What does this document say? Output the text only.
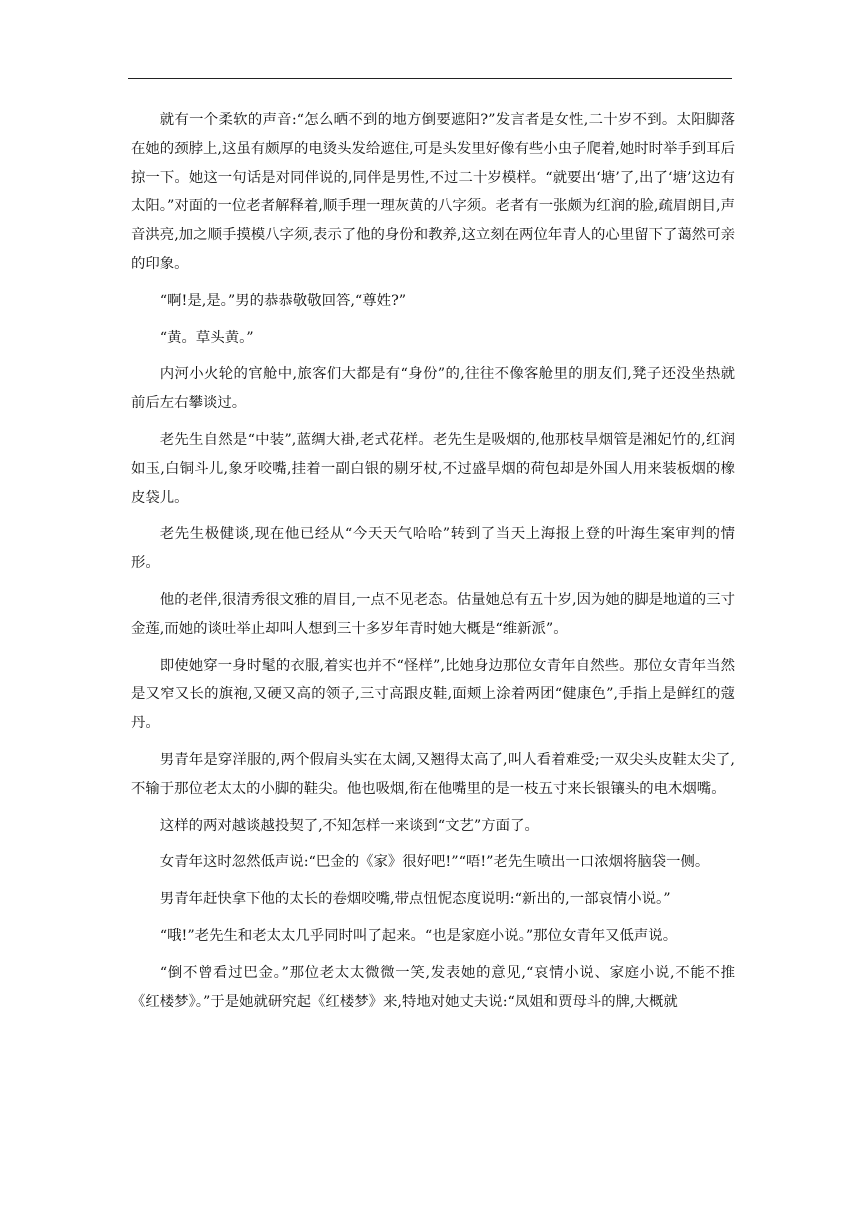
就有一个柔软的声音:“怎么晒不到的地方倒要遮阳?”发言者是女性,二十岁不到。太阳脚落在她的颈脖上,这虽有颇厚的电烫头发给遮住,可是头发里好像有些小虫子爬着,她时时举手到耳后掠一下。她这一句话是对同伴说的,同伴是男性,不过二十岁模样。“就要出‘塘’了,出了‘塘’这边有太阳。”对面的一位老者解释着,顺手理一理灰黄的八字须。老者有一张颇为红润的脸,疏眉朗目,声音洪亮,加之顺手摸模八字须,表示了他的身份和教养,这立刻在两位年青人的心里留下了蔼然可亲的印象。

“啊!是,是。”男的恭恭敬敬回答,“尊姓?”

“黄。草头黄。”

内河小火轮的官舱中,旅客们大都是有“身份”的,往往不像客舱里的朋友们,凳子还没坐热就前后左右攀谈过。

老先生自然是“中装”,蓝绸大褂,老式花样。老先生是吸烟的,他那枝旱烟管是湘妃竹的,红润如玉,白铜斗儿,象牙咬嘴,挂着一副白银的剔牙杖,不过盛旱烟的荷包却是外国人用来装板烟的橡皮袋儿。

老先生极健谈,现在他已经从“今天天气哈哈”转到了当天上海报上登的叶海生案审判的情形。

他的老伴,很清秀很文雅的眉目,一点不见老态。估量她总有五十岁,因为她的脚是地道的三寸金莲,而她的谈吐举止却叫人想到三十多岁年青时她大概是“维新派”。

即使她穿一身时髦的衣服,着实也并不“怪样”,比她身边那位女青年自然些。那位女青年当然是又窄又长的旗袍,又硬又高的领子,三寸高跟皮鞋,面颊上涂着两团“健康色”,手指上是鲜红的蔻丹。

男青年是穿洋服的,两个假肩头实在太阔,又翘得太高了,叫人看着难受;一双尖头皮鞋太尖了,不输于那位老太太的小脚的鞋尖。他也吸烟,衔在他嘴里的是一枝五寸来长银镶头的电木烟嘴。

这样的两对越谈越投契了,不知怎样一来谈到“文艺”方面了。

女青年这时忽然低声说:“巴金的《家》很好吧!”“唔!”老先生喷出一口浓烟将脑袋一侧。

男青年赶快拿下他的太长的卷烟咬嘴,带点忸怩态度说明:“新出的,一部哀情小说。”

“哦!”老先生和老太太几乎同时叫了起来。“也是家庭小说。”那位女青年又低声说。

“倒不曾看过巴金。”那位老太太微微一笑,发表她的意见,“哀情小说、家庭小说,不能不推《红楼梦》。”于是她就研究起《红楼梦》来,特地对她丈夫说:“凤姐和贾母斗的牌,大概就
